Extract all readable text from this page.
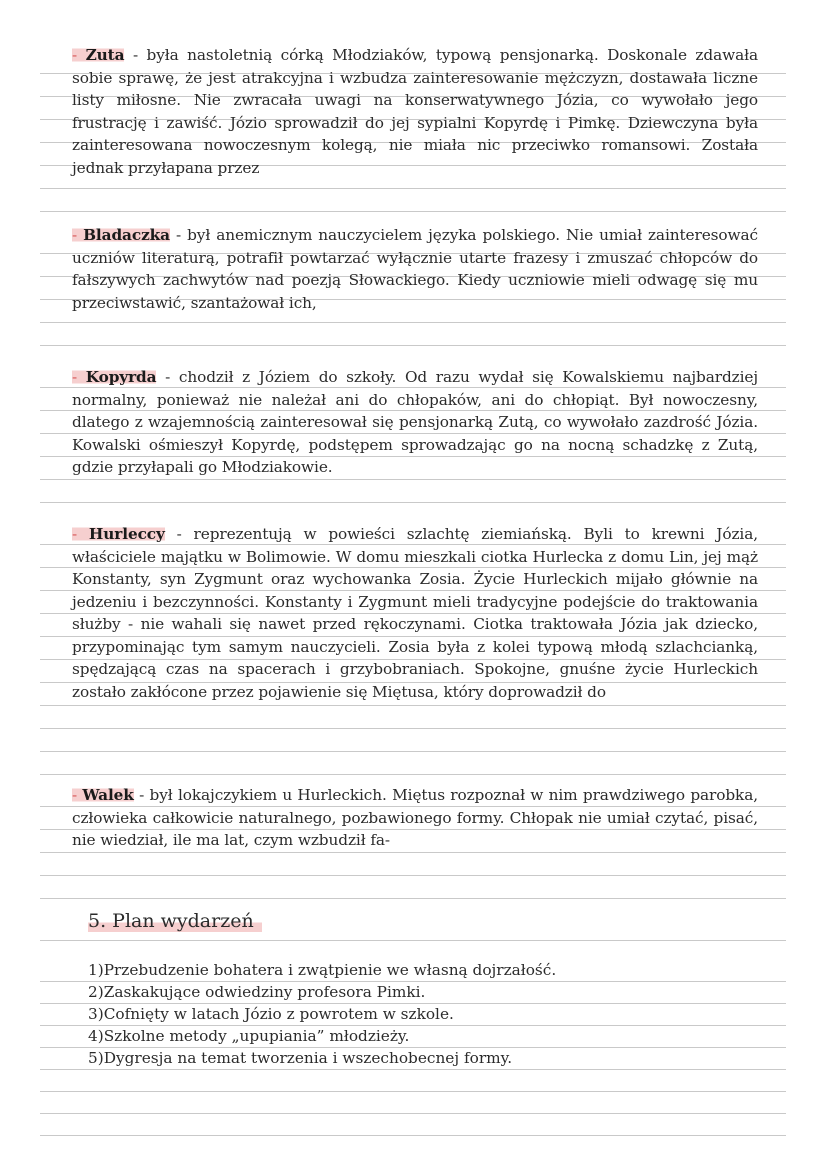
- Zuta - była nastoletnią córką Młodziaków, typową pensjonarką. Doskonale zdawała sobie sprawę, że jest atrakcyjna i wzbudza zainteresowanie mężczyzn, dostawała liczne listy miłosne. Nie zwracała uwagi na konserwatywnego Józia, co wywołało jego frustrację i zawiść. Józio sprowadził do jej sypialni Kopyrdę i Pimkę. Dziewczyna była zainteresowana nowoczesnym kolegą, nie miała nic przeciwko romansowi. Została jednak przyłapana przez

- Bladaczka - był anemicznym nauczycielem języka polskiego. Nie umiał zainteresować uczniów literaturą, potrafił powtarzać wyłącznie utarte frazesy i zmuszać chłopców do fałszywych zachwytów nad poezją Słowackiego. Kiedy uczniowie mieli odwagę się mu przeciwstawić, szantażował ich,

- Kopyrda - chodził z Józiem do szkoły. Od razu wydał się Kowalskiemu najbardziej normalny, ponieważ nie należał ani do chłopaków, ani do chłopiąt. Był nowoczesny, dlatego z wzajemnością zainteresował się pensjonarką Zutą, co wywołało zazdrość Józia. Kowalski ośmieszył Kopyrdę, podstępem sprowadzając go na nocną schadzkę z Zutą, gdzie przyłapali go Młodziakowie.

- Hurleccy - reprezentują w powieści szlachtę ziemiańską. Byli to krewni Józia, właściciele majątku w Bolimowie. W domu mieszkali ciotka Hurlecka z domu Lin, jej mąż Konstanty, syn Zygmunt oraz wychowanka Zosia. Życie Hurleckich mijało głównie na jedzeniu i bezczynności. Konstanty i Zygmunt mieli tradycyjne podejście do traktowania służby - nie wahali się nawet przed rękoczynami. Ciotka traktowała Józia jak dziecko, przypominając tym samym nauczycieli. Zosia była z kolei typową młodą szlachcianką, spędzającą czas na spacerach i grzybobraniach. Spokojne, gnuśne życie Hurleckich zostało zakłócone przez pojawienie się Miętusa, który doprowadził do

- Walek - był lokajczykiem u Hurleckich. Miętus rozpoznał w nim prawdziwego parobka, człowieka całkowicie naturalnego, pozbawionego formy. Chłopak nie umiał czytać, pisać, nie wiedział, ile ma lat, czym wzbudził fa-

5. Plan wydarzeń
1)Przebudzenie bohatera i zwątpienie we własną dojrzałość.
2)Zaskakujące odwiedziny profesora Pimki.
3)Cofnięty w latach Józio z powrotem w szkole.
4)Szkolne metody „upupiania” młodzieży.
5)Dygresja na temat tworzenia i wszechobecnej formy.
